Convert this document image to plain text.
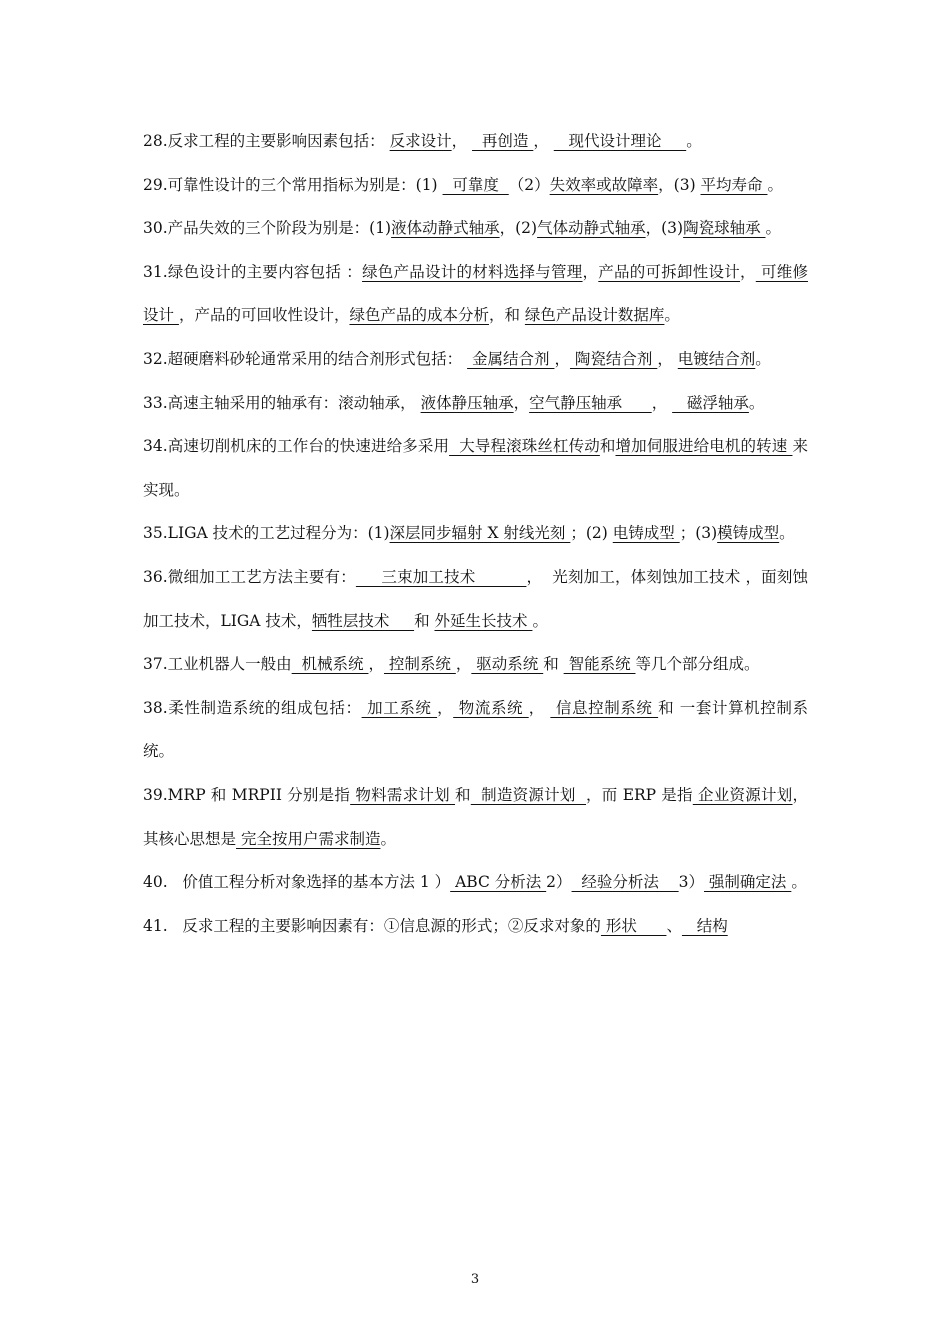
28.反求工程的主要影响因素包括： 反求设计，   再创造 ，    现代设计理论     。

29.可靠性设计的三个常用指标为别是：(1)   可靠度  （2）失效率或故障率，(3) 平均寿命 。

30.产品失效的三个阶段为别是：(1)液体动静式轴承，(2)气体动静式轴承，(3)陶瓷球轴承 。

31.绿色设计的主要内容包括 ：绿色产品设计的材料选择与管理，产品的可拆卸性设计， 可维修设计 ，产品的可回收性设计，绿色产品的成本分析，和 绿色产品设计数据库。

32.超硬磨料砂轮通常采用的结合剂形式包括：  金属结合剂 ， 陶瓷结合剂 ， 电镀结合剂。

33.高速主轴采用的轴承有：滚动轴承， 液体静压轴承，空气静压轴承      ，    磁浮轴承。

34.高速切削机床的工作台的快速进给多采用  大导程滚珠丝杠传动和增加伺服进给电机的转速 来实现。

35.LIGA 技术的工艺过程分为：(1)深层同步辐射 X 射线光刻 ；(2) 电铸成型 ；(3)模铸成型。

36.微细加工工艺方法主要有：     三束加工技术          ，  光刻加工，体刻蚀加工技术 ，面刻蚀加工技术，LIGA 技术，牺牲层技术     和 外延生长技术 。

37.工业机器人一般由  机械系统 ， 控制系统 ， 驱动系统 和  智能系统 等几个部分组成。

38.柔性制造系统的组成包括： 加工系统 ， 物流系统 ，  信息控制系统 和 一套计算机控制系统。

39.MRP 和 MRPII 分别是指 物料需求计划 和  制造资源计划  ，而 ERP 是指 企业资源计划，其核心思想是 完全按用户需求制造。

40.   价值工程分析对象选择的基本方法 1 ） ABC 分析法 2）  经验分析法    3） 强制确定法 。

41.   反求工程的主要影响因素有：①信息源的形式；②反求对象的 形状      、   结构

3
